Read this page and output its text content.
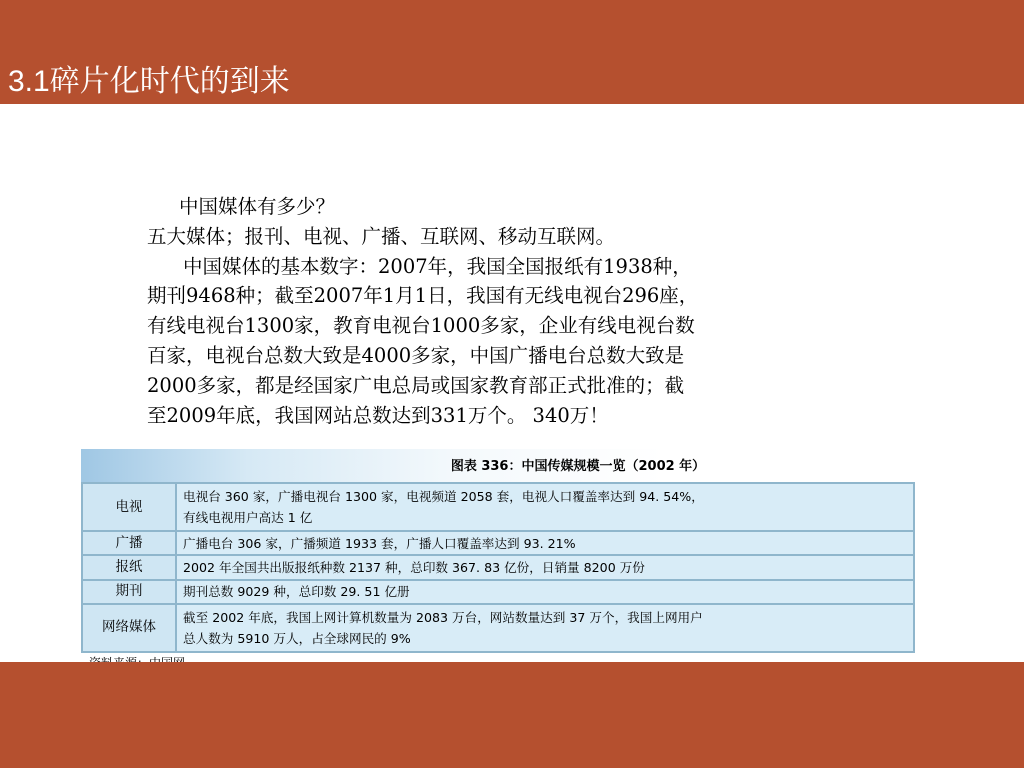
3.1碎片化时代的到来

中国媒体有多少？

五大媒体；报刊、电视、广播、互联网、移动互联网。

中国媒体的基本数字：2007年，我国全国报纸有1938种，

期刊9468种；截至2007年1月1日，我国有无线电视台296座，

有线电视台1300家，教育电视台1000多家，企业有线电视台数

百家，电视台总数大致是4000多家，中国广播电台总数大致是

2000多家，都是经国家广电总局或国家教育部正式批准的；截

至2009年底，我国网站总数达到331万个。 340万！

图表 336：中国传媒规模一览（2002 年）
电视	电视台 360 家，广播电视台 1300 家，电视频道 2058 套，电视人口覆盖率达到 94. 54%，
有线电视用户高达 1 亿

广播	广播电台 306 家，广播频道 1933 套，广播人口覆盖率达到 93. 21%
报纸	2002 年全国共出版报纸种数 2137 种，总印数 367. 83 亿份，日销量 8200 万份
期刊	期刊总数 9029 种，总印数 29. 51 亿册
网络媒体	截至 2002 年底，我国上网计算机数量为 2083 万台，网站数量达到 37 万个，我国上网用户
总人数为 5910 万人，占全球网民的 9%
